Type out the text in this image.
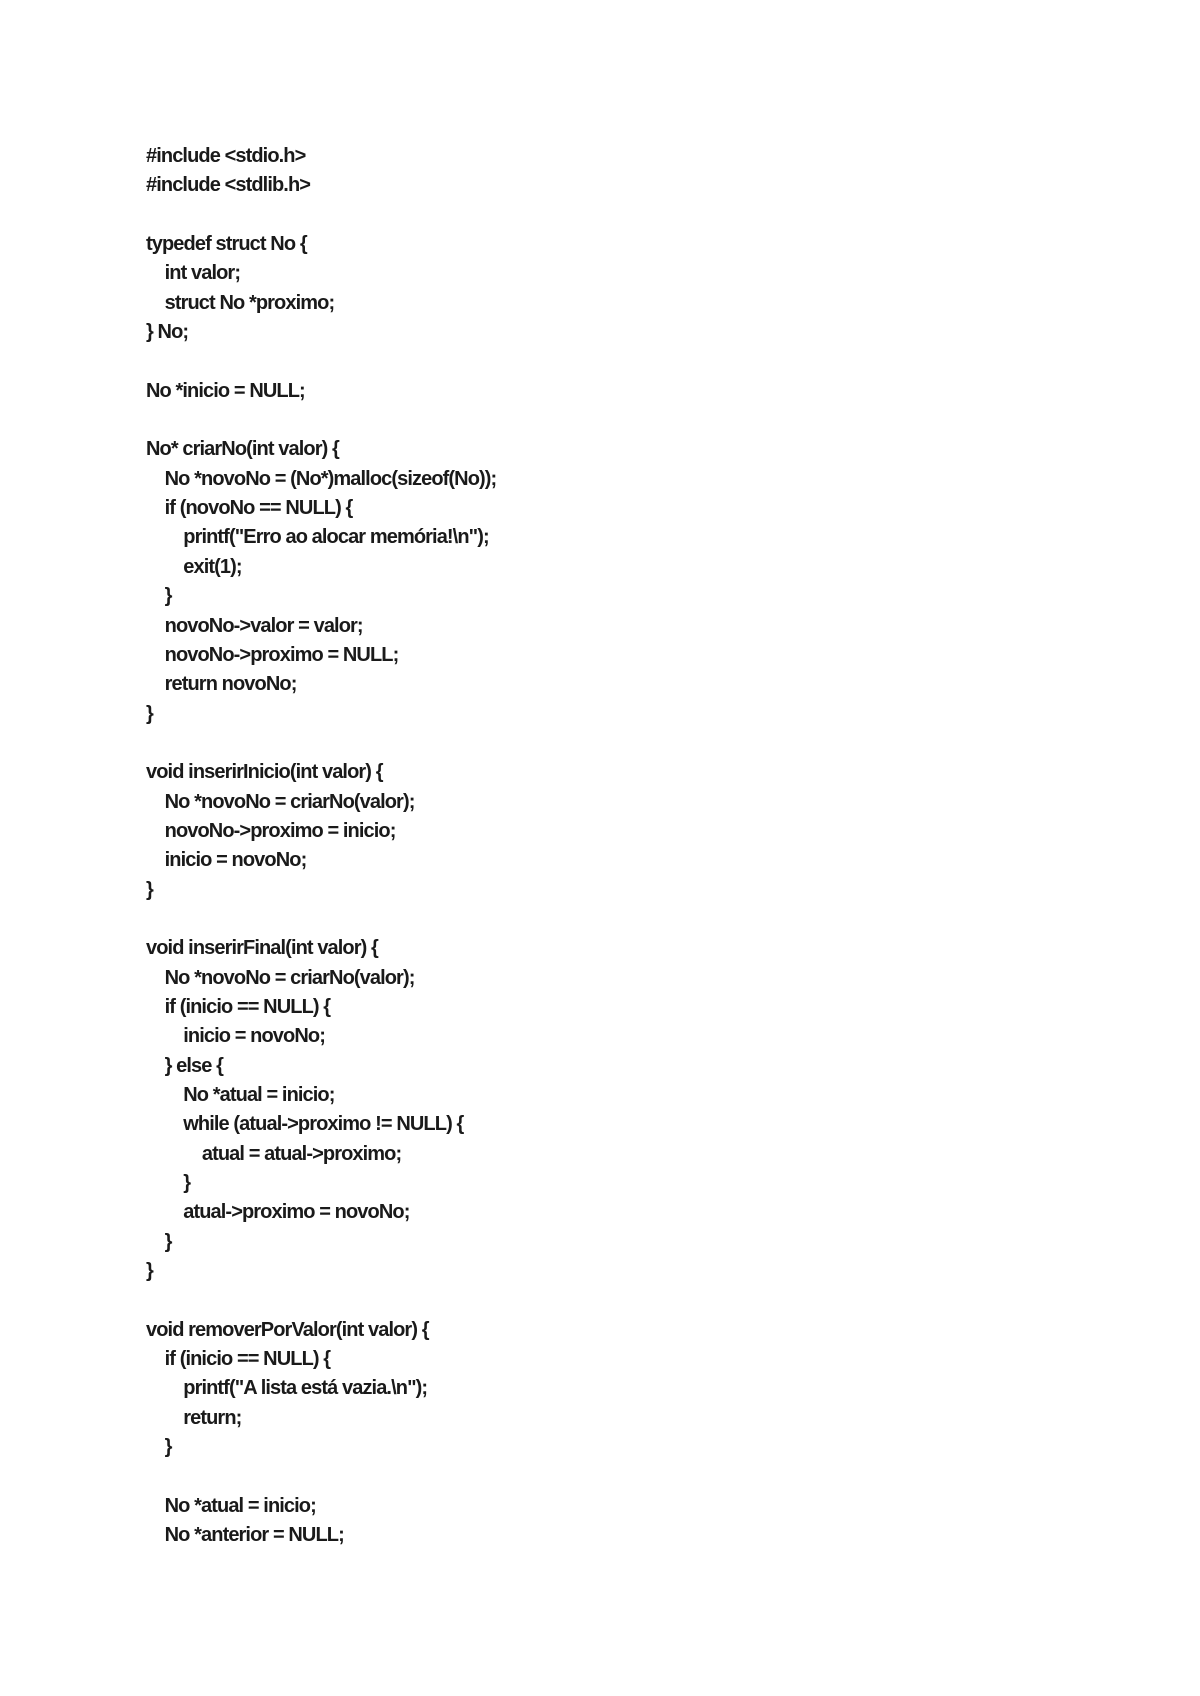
#include <stdio.h>
#include <stdlib.h>
typedef struct No {
int valor;
struct No *proximo;
} No;
No *inicio = NULL;
No* criarNo(int valor) {
No *novoNo = (No*)malloc(sizeof(No));
if (novoNo == NULL) {
printf("Erro ao alocar memória!\n");
exit(1);
}
novoNo->valor = valor;
novoNo->proximo = NULL;
return novoNo;
}
void inserirInicio(int valor) {
No *novoNo = criarNo(valor);
novoNo->proximo = inicio;
inicio = novoNo;
}
void inserirFinal(int valor) {
No *novoNo = criarNo(valor);
if (inicio == NULL) {
inicio = novoNo;
} else {
No *atual = inicio;
while (atual->proximo != NULL) {
atual = atual->proximo;
}
atual->proximo = novoNo;
}
}
void removerPorValor(int valor) {
if (inicio == NULL) {
printf("A lista está vazia.\n");
return;
}
No *atual = inicio;
No *anterior = NULL;
